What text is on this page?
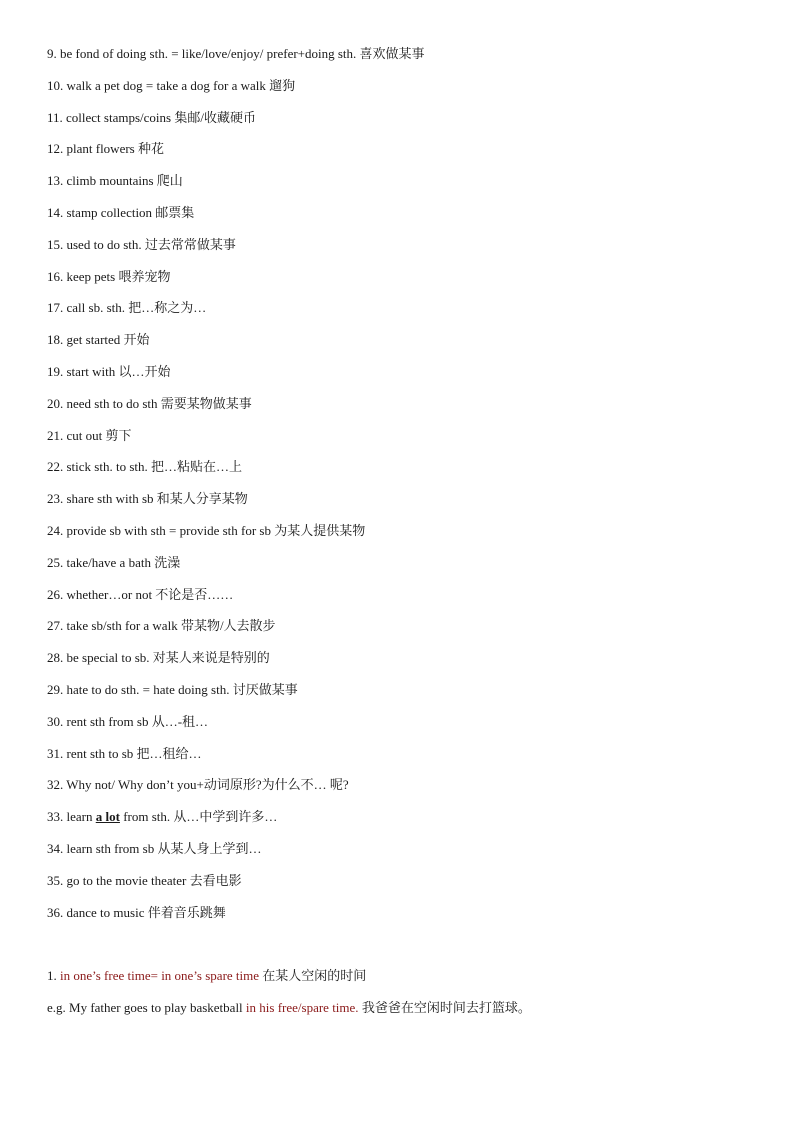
9. be fond of doing sth. = like/love/enjoy/ prefer+doing sth. 喜欢做某事
10. walk a pet dog = take a dog for a walk 遛狗
11. collect stamps/coins 集邮/收藏硬币
12. plant flowers 种花
13. climb mountains 爬山
14. stamp collection 邮票集
15. used to do sth. 过去常常做某事
16. keep pets 喂养宠物
17. call sb. sth. 把…称之为…
18. get started 开始
19. start with 以…开始
20. need sth to do sth 需要某物做某事
21. cut out 剪下
22. stick sth. to sth. 把…粘贴在…上
23. share sth with sb 和某人分享某物
24. provide sb with sth = provide sth for sb 为某人提供某物
25. take/have a bath 洗澡
26. whether…or not 不论是否……
27. take sb/sth for a walk 带某物/人去散步
28. be special to sb. 对某人来说是特别的
29. hate to do sth. = hate doing sth. 讨厌做某事
30. rent sth from sb 从…-租…
31. rent sth to sb 把…租给…
32. Why not/ Why don’t you+动词原形?为什么不… 呢?
33. learn a lot from sth. 从…中学到许多…
34. learn sth from sb 从某人身上学到…
35. go to the movie theater 去看电影
36. dance to music 伴着音乐跳舞
1. in one’s free time= in one’s spare time 在某人空闲的时间
e.g. My father goes to play basketball in his free/spare time. 我爸爸在空闲时间去打篮球。
